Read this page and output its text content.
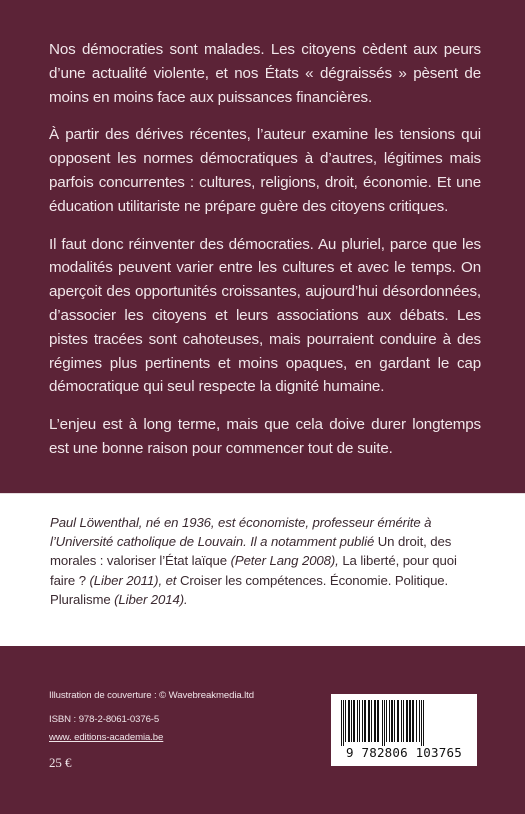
Nos démocraties sont malades. Les citoyens cèdent aux peurs d’une actualité violente, et nos États « dégraissés » pèsent de moins en moins face aux puissances financières.

À partir des dérives récentes, l’auteur examine les tensions qui opposent les normes démocratiques à d’autres, légitimes mais parfois concurrentes : cultures, religions, droit, économie. Et une éducation utilitariste ne prépare guère des citoyens critiques.

Il faut donc réinventer des démocraties. Au pluriel, parce que les modalités peuvent varier entre les cultures et avec le temps. On aperçoit des opportunités croissantes, aujourd’hui désordonnées, d’associer les citoyens et leurs associations aux débats. Les pistes tracées sont cahoteuses, mais pourraient conduire à des régimes plus pertinents et moins opaques, en gardant le cap démocratique qui seul respecte la dignité humaine.

L’enjeu est à long terme, mais que cela doive durer longtemps est une bonne raison pour commencer tout de suite.

Paul Löwenthal, né en 1936, est économiste, professeur émérite à l’Université catholique de Louvain. Il a notamment publié Un droit, des morales : valoriser l’État laïque (Peter Lang 2008), La liberté, pour quoi faire ? (Liber 2011), et Croiser les compétences. Économie. Politique. Pluralisme (Liber 2014).
Illustration de couverture : © Wavebreakmedia.ltd
ISBN : 978-2-8061-0376-5
www. editions-academia.be
25 €
9 782806 103765
